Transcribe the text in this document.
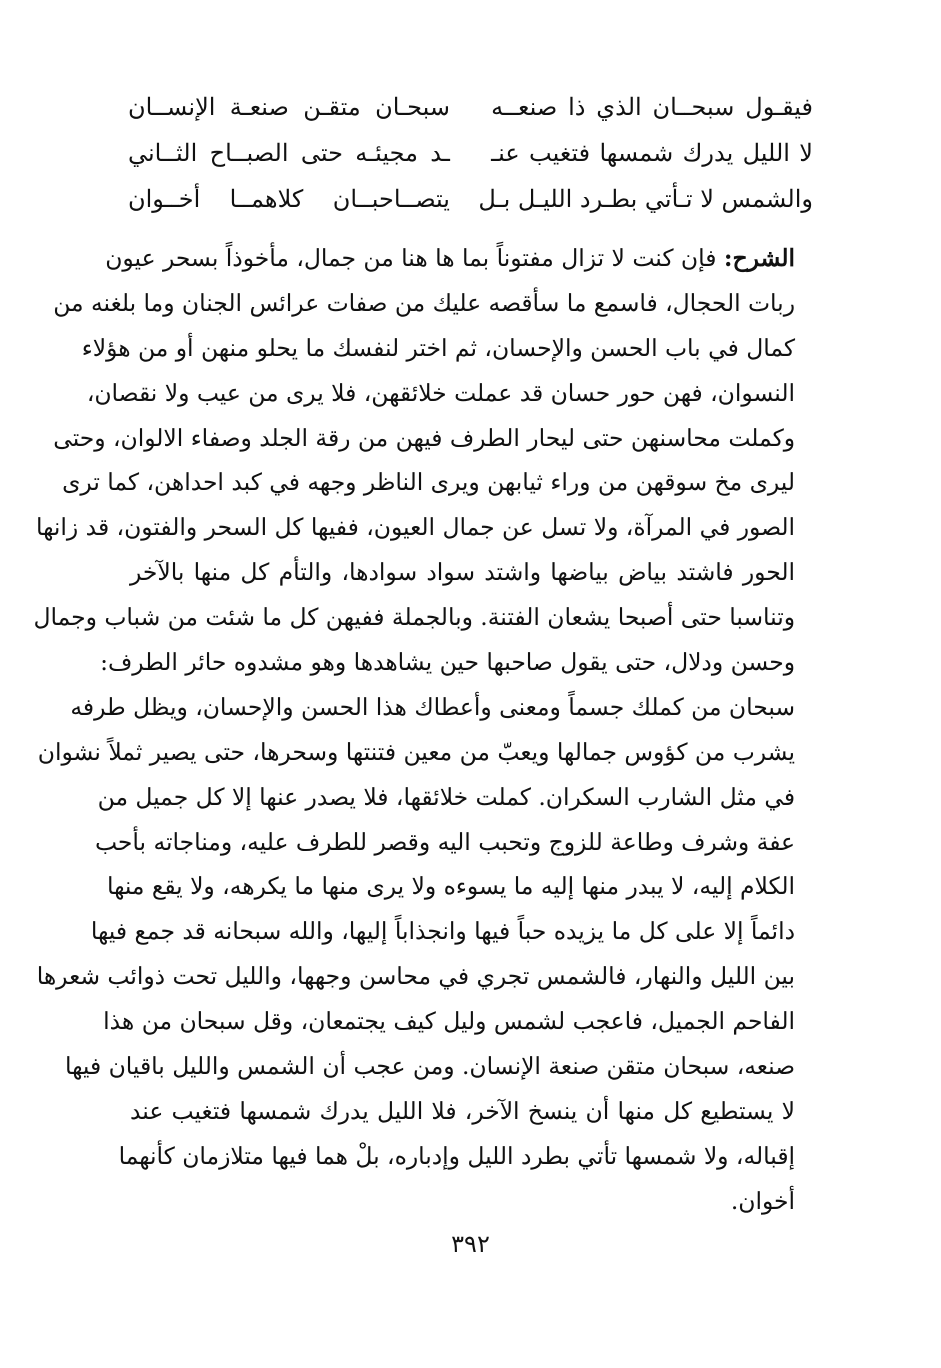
فيقـول سبحــان الذي ذا صنعــه
سبحـان متقـن صنعـة الإنســان
لا الليل يدرك شمسها فتغيب عنـ
ـد مجيئـه حتى الصبــاح الثــاني
والشمس لا تـأتي بطـرد الليـل بـل
يتصــاحبــان كلاهمــا أخــوان
الشرح: فإن كنت لا تزال مفتوناً بما ها هنا من جمال، مأخوذاً بسحر عيون
ربات الحجال، فاسمع ما سأقصه عليك من صفات عرائس الجنان وما بلغنه من
كمال في باب الحسن والإحسان، ثم اختر لنفسك ما يحلو منهن أو من هؤلاء
النسوان، فهن حور حسان قد عملت خلائقهن، فلا يرى من عيب ولا نقصان،
وكملت محاسنهن حتى ليحار الطرف فيهن من رقة الجلد وصفاء الالوان، وحتى
ليرى مخ سوقهن من وراء ثيابهن ويرى الناظر وجهه في كبد احداهن، كما ترى
الصور في المرآة، ولا تسل عن جمال العيون، ففيها كل السحر والفتون، قد زانها
الحور فاشتد بياض بياضها واشتد سواد سوادها، والتأم كل منها بالآخر
وتناسبا حتى أصبحا يشعان الفتنة. وبالجملة ففيهن كل ما شئت من شباب وجمال
وحسن ودلال، حتى يقول صاحبها حين يشاهدها وهو مشدوه حائر الطرف:
سبحان من كملك جسماً ومعنى وأعطاك هذا الحسن والإحسان، ويظل طرفه
يشرب من كؤوس جمالها ويعبّ من معين فتنتها وسحرها، حتى يصير ثملاً نشوان
في مثل الشارب السكران. كملت خلائقها، فلا يصدر عنها إلا كل جميل من
عفة وشرف وطاعة للزوج وتحبب اليه وقصر للطرف عليه، ومناجاته بأحب
الكلام إليه، لا يبدر منها إليه ما يسوءه ولا يرى منها ما يكرهه، ولا يقع منها
دائماً إلا على كل ما يزيده حباً فيها وانجذاباً إليها، والله سبحانه قد جمع فيها
بين الليل والنهار، فالشمس تجري في محاسن وجهها، والليل تحت ذوائب شعرها
الفاحم الجميل، فاعجب لشمس وليل كيف يجتمعان، وقل سبحان من هذا
صنعه، سبحان متقن صنعة الإنسان. ومن عجب أن الشمس والليل باقيان فيها
لا يستطيع كل منها أن ينسخ الآخر، فلا الليل يدرك شمسها فتغيب عند
إقباله، ولا شمسها تأتي بطرد الليل وإدباره، بلْ هما فيها متلازمان كأنهما
أخوان.
٣٩٢
